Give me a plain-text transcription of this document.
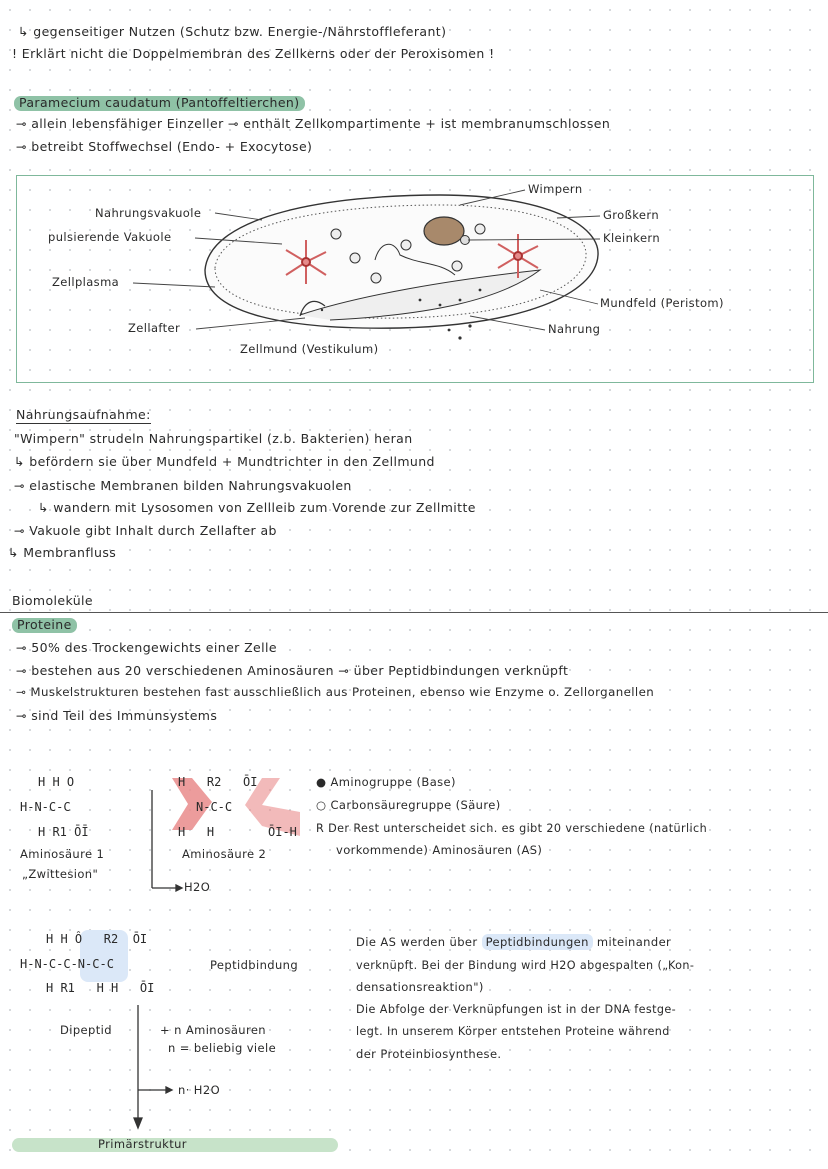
↳ gegenseitiger Nutzen (Schutz bzw. Energie-/Nährstoffleferant)
! Erklärt nicht die Doppelmembran des Zellkerns oder der Peroxisomen !
Paramecium caudatum (Pantoffeltierchen)
⊸ allein lebensfähiger Einzeller ⊸ enthält Zellkompartimente + ist membranumschlossen
⊸ betreibt Stoffwechsel (Endo- + Exocytose)
Wimpern
Nahrungsvakuole
pulsierende Vakuole
Großkern
Kleinkern
Zellplasma
Mundfeld (Peristom)
Zellafter	Nahrung
Zellmund (Vestikulum)
Nahrungsaufnahme:
"Wimpern" strudeln Nahrungspartikel (z.b. Bakterien) heran
↳ befördern sie über Mundfeld + Mundtrichter in den Zellmund
⊸ elastische Membranen bilden Nahrungsvakuolen
↳ wandern mit Lysosomen von Zellleib zum Vorende zur Zellmitte
⊸ Vakuole gibt Inhalt durch Zellafter ab
↳ Membranfluss
Biomoleküle
Proteine
⊸ 50% des Trockengewichts einer Zelle
⊸ bestehen aus 20 verschiedenen Aminosäuren ⊸ über Peptidbindungen verknüpft
⊸ Muskelstrukturen bestehen fast ausschließlich aus Proteinen, ebenso wie Enzyme o. Zellorganellen
⊸ sind Teil des Immunsystems
H H O
H-N-C-C
H R1 ŌĪ
Aminosäure 1
„Zwittesion"
H   R2   ŌI
N-C-C
H   H	ŌI-H
Aminosäure 2
H2O
● Aminogruppe (Base)
○ Carbonsäuregruppe (Säure)
R Der Rest unterscheidet sich. es gibt 20 verschiedene (natürlich
vorkommende) Aminosäuren (AS)
H H Ô   R2  ŌI
H-N-C-C-N-C-C
H R1   H H   ŌI
Peptidbindung
Dipeptid	+ n Aminosäuren
n = beliebig viele
n· H2O
Primärstruktur
Die AS werden über Peptidbindungen miteinander
verknüpft. Bei der Bindung wird H2O abgespalten („Kon-
densationsreaktion")
Die Abfolge der Verknüpfungen ist in der DNA festge-
legt. In unserem Körper entstehen Proteine während
der Proteinbiosynthese.
